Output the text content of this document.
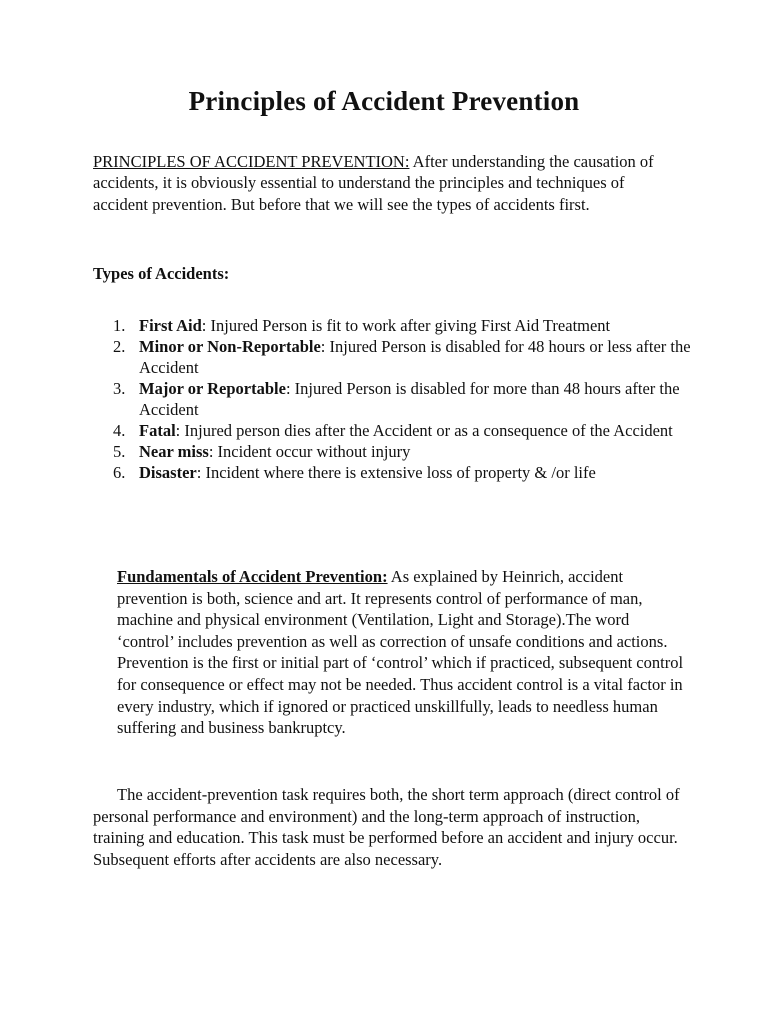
Principles of Accident Prevention

PRINCIPLES OF ACCIDENT PREVENTION: After understanding the causation of accidents, it is obviously essential to understand the principles and techniques of accident prevention. But before that we will see the types of accidents first.

Types of Accidents:
1. First Aid: Injured Person is fit to work after giving First Aid Treatment
2. Minor or Non-Reportable: Injured Person is disabled for 48 hours or less after the Accident
3. Major or Reportable: Injured Person is disabled for more than 48 hours after the Accident
4. Fatal: Injured person dies after the Accident or as a consequence of the Accident
5. Near miss: Incident occur without injury
6. Disaster: Incident where there is extensive loss of property & /or life

Fundamentals of Accident Prevention: As explained by Heinrich, accident prevention is both, science and art. It represents control of performance of man, machine and physical environment (Ventilation, Light and Storage).The word ‘control’ includes prevention as well as correction of unsafe conditions and actions. Prevention is the first or initial part of ‘control’ which if practiced, subsequent control for consequence or effect may not be needed. Thus accident control is a vital factor in every industry, which if ignored or practiced unskillfully, leads to needless human suffering and business bankruptcy.

The accident-prevention task requires both, the short term approach (direct control of personal performance and environment) and the long-term approach of instruction, training and education. This task must be performed before an accident and injury occur. Subsequent efforts after accidents are also necessary.
